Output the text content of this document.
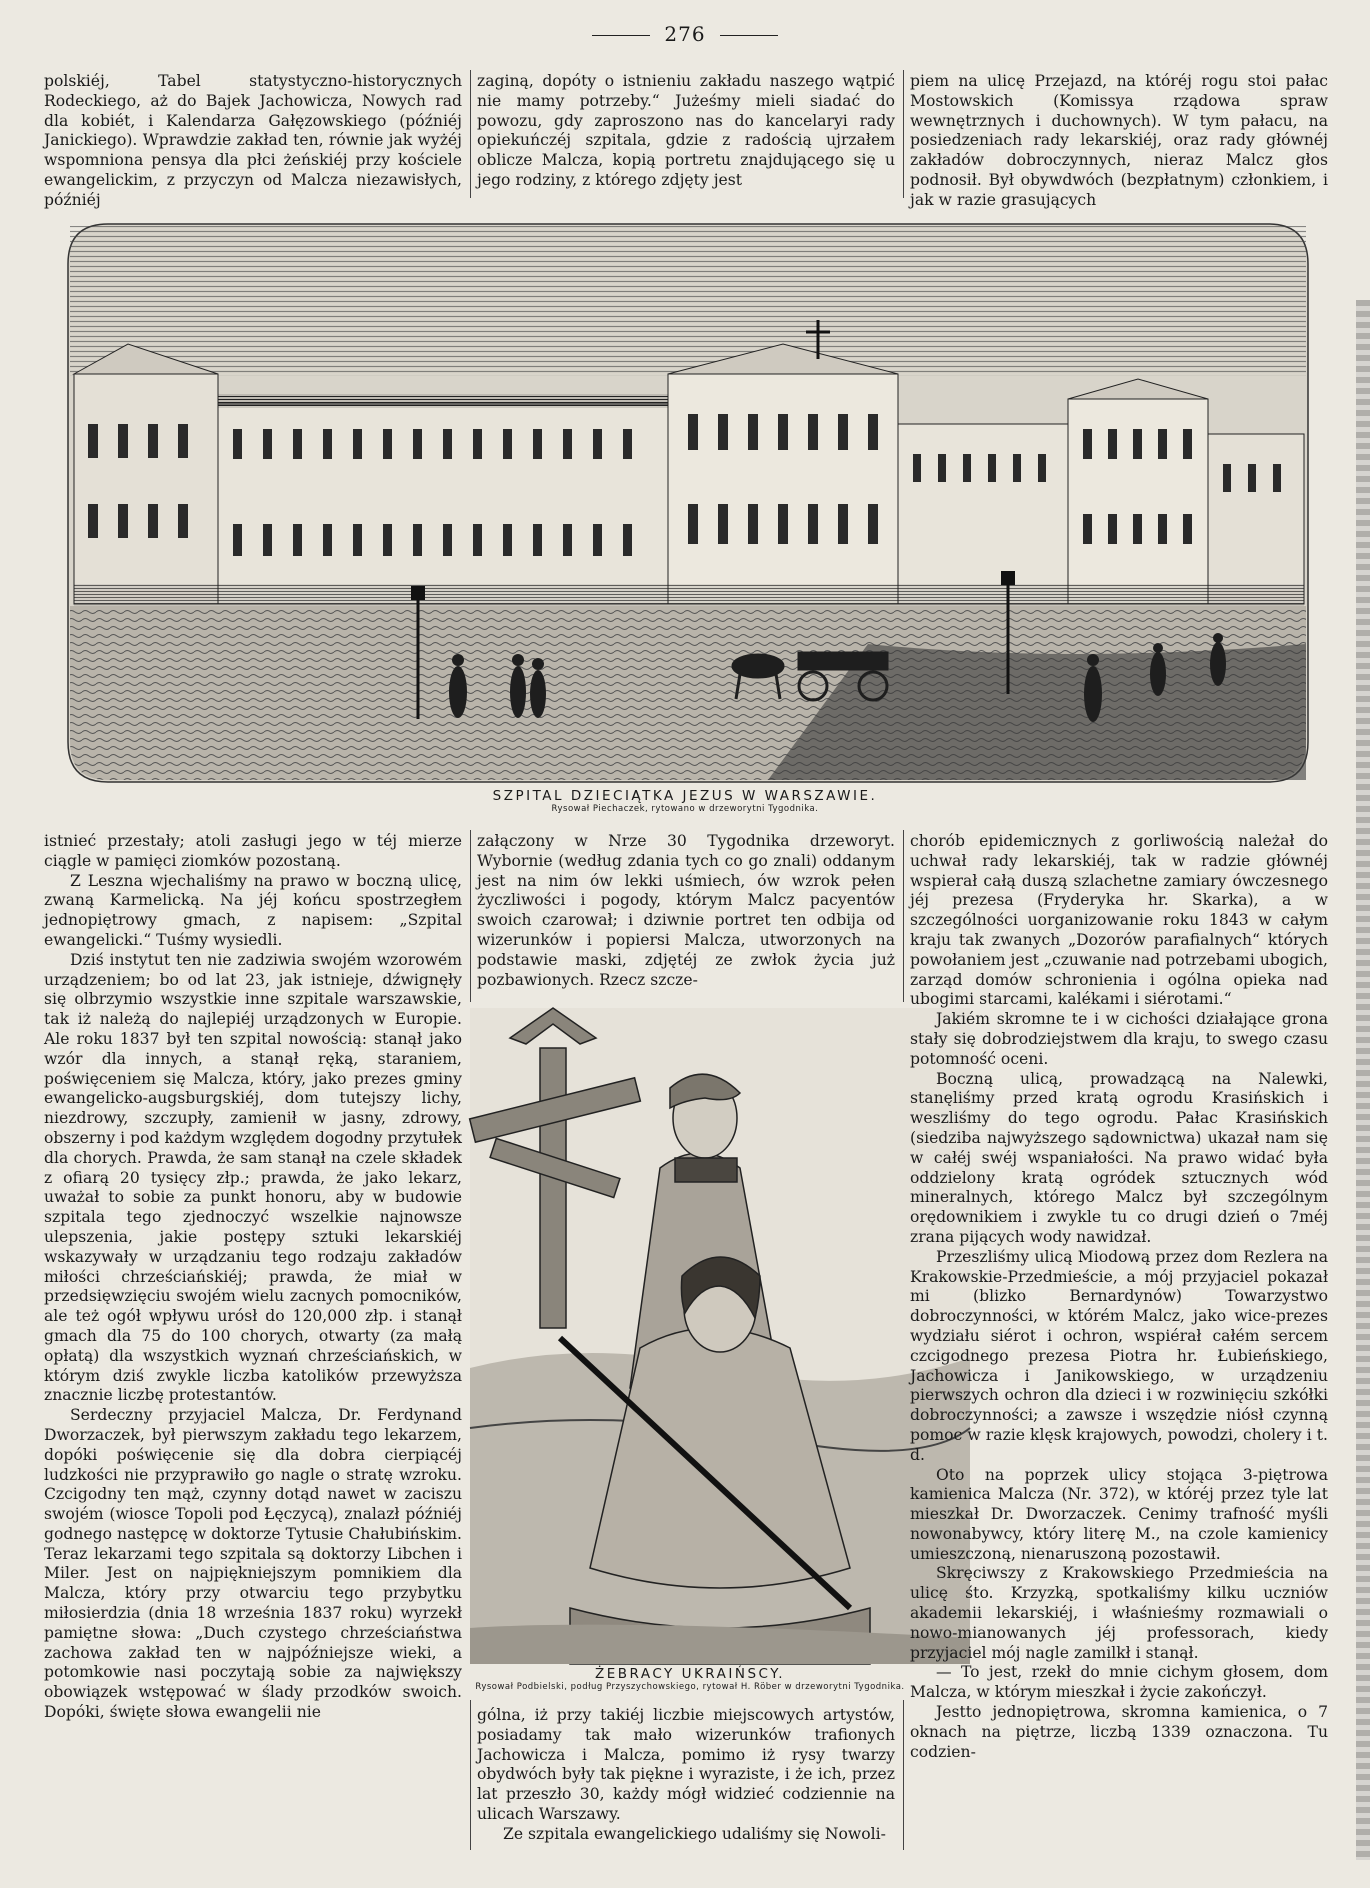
276

polskiéj, Tabel statystyczno-historycznych Rodeckiego, aż do Bajek Jachowicza, Nowych rad dla kobiét, i Kalendarza Gałęzowskiego (późniéj Janickiego). Wprawdzie zakład ten, równie jak wyżéj wspomniona pensya dla płci żeńskiéj przy kościele ewangelickim, z przyczyn od Malcza niezawisłych, późniéj

zaginą, dopóty o istnieniu zakładu naszego wątpić nie mamy potrzeby.“ Jużeśmy mieli siadać do powozu, gdy zaproszono nas do kancelaryi rady opiekuńczéj szpitala, gdzie z radością ujrzałem oblicze Malcza, kopią portretu znajdującego się u jego rodziny, z którego zdjęty jest

piem na ulicę Przejazd, na któréj rogu stoi pałac Mostowskich (Komissya rządowa spraw wewnętrznych i duchownych). W tym pałacu, na posiedzeniach rady lekarskiéj, oraz rady głównéj zakładów dobroczynnych, nieraz Malcz głos podnosił. Był obywdwóch (bezpłatnym) członkiem, i jak w razie grasujących

SZPITAL DZIECIĄTKA JEZUS W WARSZAWIE.
Rysował Piechaczek, rytowano w drzeworytni Tygodnika.

istnieć przestały; atoli zasługi jego w téj mierze ciągle w pamięci ziomków pozostaną.

Z Leszna wjechaliśmy na prawo w boczną ulicę, zwaną Karmelicką. Na jéj końcu spostrzegłem jednopiętrowy gmach, z napisem: „Szpital ewangelicki.“ Tuśmy wysiedli.

Dziś instytut ten nie zadziwia swojém wzorowém urządzeniem; bo od lat 23, jak istnieje, dźwignęły się olbrzymio wszystkie inne szpitale warszawskie, tak iż należą do najlepiéj urządzonych w Europie. Ale roku 1837 był ten szpital nowością: stanął jako wzór dla innych, a stanął ręką, staraniem, poświęceniem się Malcza, który, jako prezes gminy ewangelicko-augsburgskiéj, dom tutejszy lichy, niezdrowy, szczupły, zamienił w jasny, zdrowy, obszerny i pod każdym względem dogodny przytułek dla chorych. Prawda, że sam stanął na czele składek z ofiarą 20 tysięcy złp.; prawda, że jako lekarz, uważał to sobie za punkt honoru, aby w budowie szpitala tego zjednoczyć wszelkie najnowsze ulepszenia, jakie postępy sztuki lekarskiéj wskazywały w urządzaniu tego rodzaju zakładów miłości chrześciańskiéj; prawda, że miał w przedsięwzięciu swojém wielu zacnych pomocników, ale też ogół wpływu urósł do 120,000 złp. i stanął gmach dla 75 do 100 chorych, otwarty (za małą opłatą) dla wszystkich wyznań chrześciańskich, w którym dziś zwykle liczba katolików przewyższa znacznie liczbę protestantów.

Serdeczny przyjaciel Malcza, Dr. Ferdynand Dworzaczek, był pierwszym zakładu tego lekarzem, dopóki poświęcenie się dla dobra cierpiącéj ludzkości nie przyprawiło go nagle o stratę wzroku. Czcigodny ten mąż, czynny dotąd nawet w zaciszu swojém (wiosce Topoli pod Łęczycą), znalazł późniéj godnego następcę w doktorze Tytusie Chałubińskim. Teraz lekarzami tego szpitala są doktorzy Libchen i Miler. Jest on najpiękniejszym pomnikiem dla Malcza, który przy otwarciu tego przybytku miłosierdzia (dnia 18 września 1837 roku) wyrzekł pamiętne słowa: „Duch czystego chrześciaństwa zachowa zakład ten w najpóźniejsze wieki, a potomkowie nasi poczytają sobie za największy obowiązek wstępować w ślady przodków swoich. Dopóki, święte słowa ewangelii nie

załączony w Nrze 30 Tygodnika drzeworyt. Wybornie (według zdania tych co go znali) oddanym jest na nim ów lekki uśmiech, ów wzrok pełen życzliwości i pogody, którym Malcz pacyentów swoich czarował; i dziwnie portret ten odbija od wizerunków i popiersi Malcza, utworzonych na podstawie maski, zdjętéj ze zwłok życia już pozbawionych. Rzecz szcze-

ŻEBRACY UKRAIŃSCY.
Rysował Podbielski, podług Przyszychowskiego, rytował H. Röber w drzeworytni Tygodnika.

chorób epidemicznych z gorliwością należał do uchwał rady lekarskiéj, tak w radzie głównéj wspierał całą duszą szlachetne zamiary ówczesnego jéj prezesa (Fryderyka hr. Skarka), a w szczególności uorganizowanie roku 1843 w całym kraju tak zwanych „Dozorów parafialnych“ których powołaniem jest „czuwanie nad potrzebami ubogich, zarząd domów schronienia i ogólna opieka nad ubogimi starcami, kalékami i siérotami.“

Jakiém skromne te i w cichości działające grona stały się dobrodziejstwem dla kraju, to swego czasu potomność oceni.

Boczną ulicą, prowadzącą na Nalewki, stanęliśmy przed kratą ogrodu Krasińskich i weszliśmy do tego ogrodu. Pałac Krasińskich (siedziba najwyższego sądownictwa) ukazał nam się w całéj swéj wspaniałości. Na prawo widać była oddzielony kratą ogródek sztucznych wód mineralnych, którego Malcz był szczególnym orędownikiem i zwykle tu co drugi dzień o 7méj zrana pijących wody nawidzał.

Przeszliśmy ulicą Miodową przez dom Rezlera na Krakowskie-Przedmieście, a mój przyjaciel pokazał mi (blizko Bernardynów) Towarzystwo dobroczynności, w którém Malcz, jako wice-prezes wydziału siérot i ochron, wspiérał całém sercem czcigodnego prezesa Piotra hr. Łubieńskiego, Jachowicza i Janikowskiego, w urządzeniu pierwszych ochron dla dzieci i w rozwinięciu szkółki dobroczynności; a zawsze i wszędzie niósł czynną pomoc w razie klęsk krajowych, powodzi, cholery i t. d.

Oto na poprzek ulicy stojąca 3-piętrowa kamienica Malcza (Nr. 372), w któréj przez tyle lat mieszkał Dr. Dworzaczek. Cenimy trafność myśli nowonabywcy, który literę M., na czole kamienicy umieszczoną, nienaruszoną pozostawił.

Skręciwszy z Krakowskiego Przedmieścia na ulicę śto. Krzyzką, spotkaliśmy kilku uczniów akademii lekarskiéj, i właśnieśmy rozmawiali o nowo-mianowanych jéj professorach, kiedy przyjaciel mój nagle zamilkł i stanął.

— To jest, rzekł do mnie cichym głosem, dom Malcza, w którym mieszkał i życie zakończył.

Jestto jednopiętrowa, skromna kamienica, o 7 oknach na piętrze, liczbą 1339 oznaczona. Tu codzien-

gólna, iż przy takiéj liczbie miejscowych artystów, posiadamy tak mało wizerunków trafionych Jachowicza i Malcza, pomimo iż rysy twarzy obydwóch były tak piękne i wyraziste, i że ich, przez lat przeszło 30, każdy mógł widzieć codziennie na ulicach Warszawy.

Ze szpitala ewangelickiego udaliśmy się Nowoli-
